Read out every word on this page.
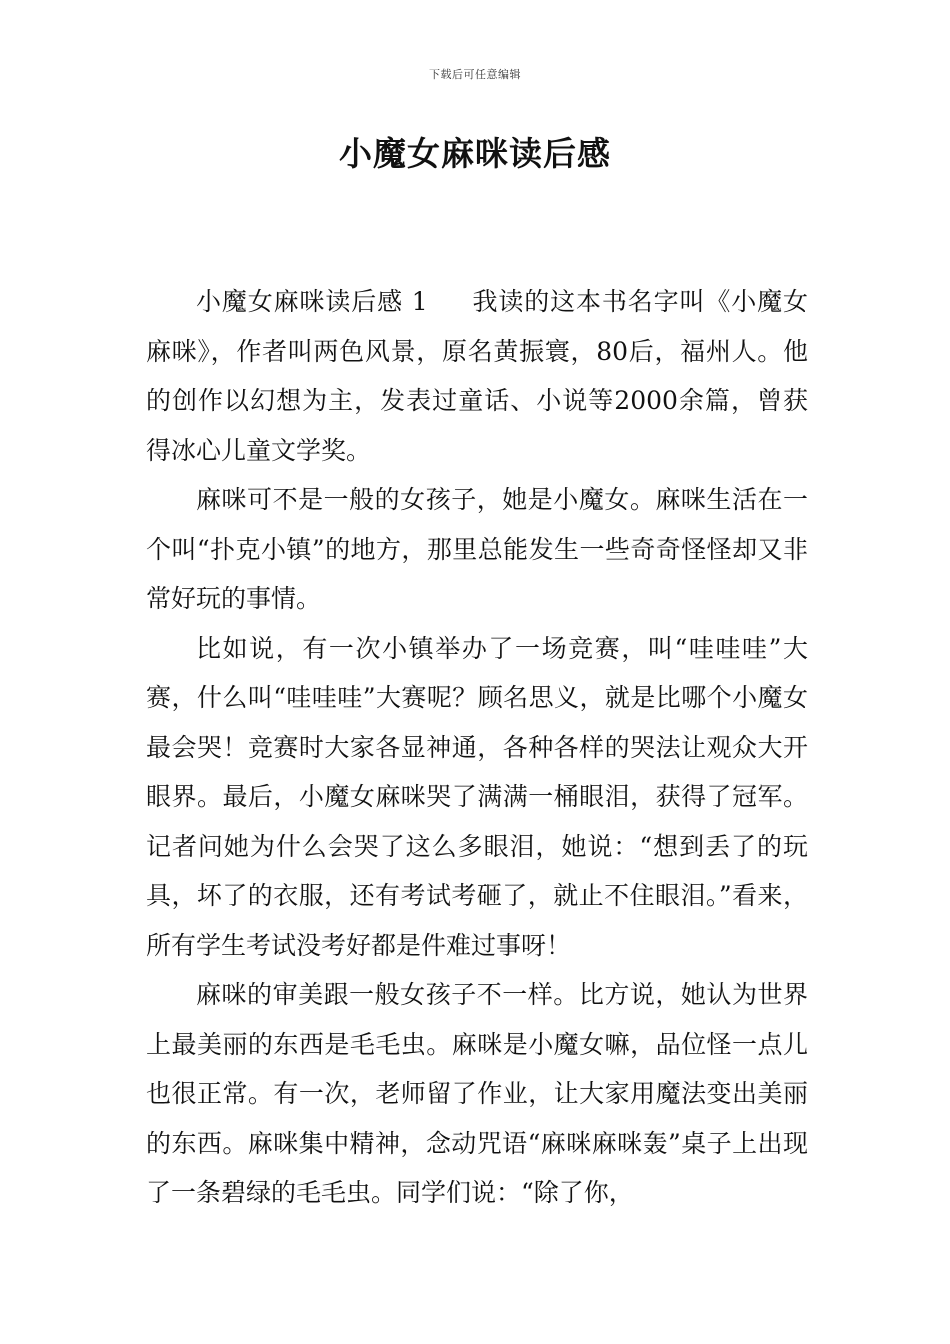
下载后可任意编辑
小魔女麻咪读后感

小魔女麻咪读后感 1 我读的这本书名字叫《小魔女麻咪》，作者叫两色风景，原名黄振寰，80后，福州人。他的创作以幻想为主，发表过童话、小说等2000余篇，曾获得冰心儿童文学奖。

麻咪可不是一般的女孩子，她是小魔女。麻咪生活在一个叫“扑克小镇”的地方，那里总能发生一些奇奇怪怪却又非常好玩的事情。

比如说，有一次小镇举办了一场竞赛，叫“哇哇哇”大赛，什么叫“哇哇哇”大赛呢？顾名思义，就是比哪个小魔女最会哭！竞赛时大家各显神通，各种各样的哭法让观众大开眼界。最后，小魔女麻咪哭了满满一桶眼泪，获得了冠军。记者问她为什么会哭了这么多眼泪，她说：“想到丢了的玩具，坏了的衣服，还有考试考砸了，就止不住眼泪。”看来，所有学生考试没考好都是件难过事呀！

麻咪的审美跟一般女孩子不一样。比方说，她认为世界上最美丽的东西是毛毛虫。麻咪是小魔女嘛，品位怪一点儿也很正常。有一次，老师留了作业，让大家用魔法变出美丽的东西。麻咪集中精神，念动咒语“麻咪麻咪轰”桌子上出现了一条碧绿的毛毛虫。同学们说：“除了你，
